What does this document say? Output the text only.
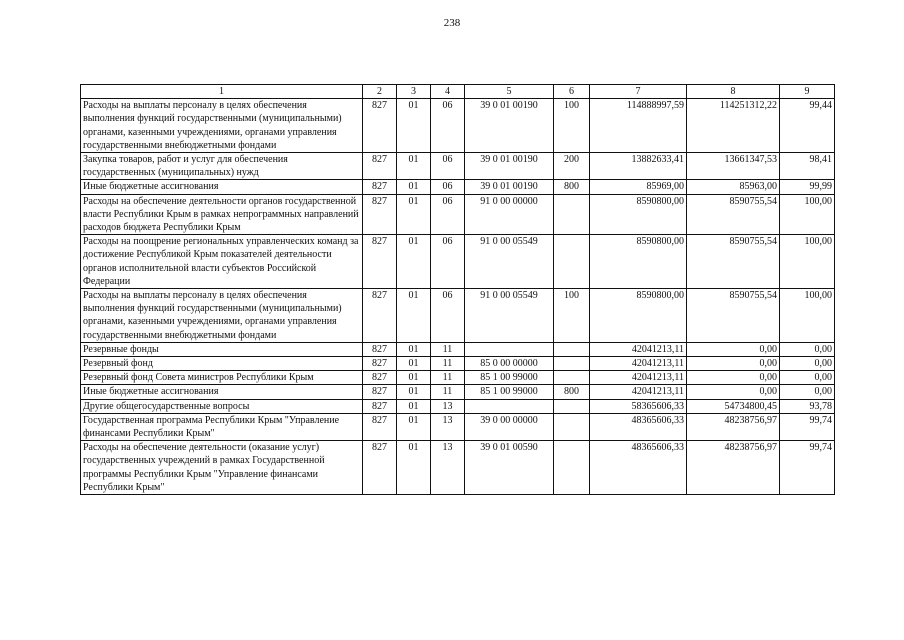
238
1	2	3	4	5	6	7	8	9
Расходы на выплаты персоналу в целях обеспечения выполнения функций государственными (муниципальными) органами, казенными учреждениями, органами управления государственными внебюджетными фондами	827	01	06	39 0 01 00190	100	114888997,59	114251312,22	99,44
Закупка товаров, работ и услуг для обеспечения государственных (муниципальных) нужд	827	01	06	39 0 01 00190	200	13882633,41	13661347,53	98,41
Иные бюджетные ассигнования	827	01	06	39 0 01 00190	800	85969,00	85963,00	99,99
Расходы на обеспечение деятельности органов государственной власти Республики Крым в рамках непрограммных направлений расходов бюджета Республики Крым	827	01	06	91 0 00 00000		8590800,00	8590755,54	100,00
Расходы на поощрение региональных управленческих команд за достижение Республикой Крым показателей деятельности органов исполнительной власти субъектов Российской Федерации	827	01	06	91 0 00 05549		8590800,00	8590755,54	100,00
Расходы на выплаты персоналу в целях обеспечения выполнения функций государственными (муниципальными) органами, казенными учреждениями, органами управления государственными внебюджетными фондами	827	01	06	91 0 00 05549	100	8590800,00	8590755,54	100,00
Резервные фонды	827	01	11			42041213,11	0,00	0,00
Резервный фонд	827	01	11	85 0 00 00000		42041213,11	0,00	0,00
Резервный фонд Совета министров Республики Крым	827	01	11	85 1 00 99000		42041213,11	0,00	0,00
Иные бюджетные ассигнования	827	01	11	85 1 00 99000	800	42041213,11	0,00	0,00
Другие общегосударственные вопросы	827	01	13			58365606,33	54734800,45	93,78
Государственная программа Республики Крым "Управление финансами Республики Крым"	827	01	13	39 0 00 00000		48365606,33	48238756,97	99,74
Расходы на обеспечение деятельности (оказание услуг) государственных учреждений в рамках Государственной программы Республики Крым "Управление финансами Республики Крым"	827	01	13	39 0 01 00590		48365606,33	48238756,97	99,74
